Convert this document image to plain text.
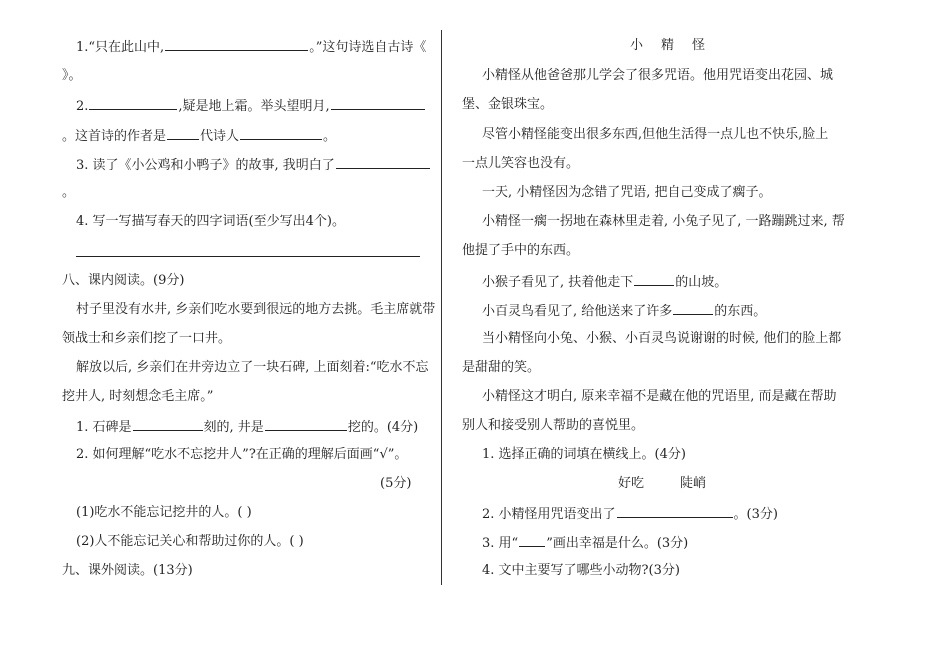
1.“只在此山中,	。”这句诗选自古诗《
》。
2.	,疑是地上霜。举头望明月,
。这首诗的作者是	代诗人	。
3. 读了《小公鸡和小鸭子》的故事, 我明白了
。
4. 写一写描写春天的四字词语(至少写出4个)。
八、课内阅读。(9分)
村子里没有水井, 乡亲们吃水要到很远的地方去挑。毛主席就带
领战士和乡亲们挖了一口井。
解放以后, 乡亲们在井旁边立了一块石碑, 上面刻着:“吃水不忘
挖井人, 时刻想念毛主席。”
1. 石碑是	刻的, 井是	挖的。(4分)
2. 如何理解“吃水不忘挖井人”?在正确的理解后面画“√”。
(5分)
(1)吃水不能忘记挖井的人。( )
(2)人不能忘记关心和帮助过你的人。( )
九、课外阅读。(13分)
小精怪
小精怪从他爸爸那儿学会了很多咒语。他用咒语变出花园、城
堡、金银珠宝。
尽管小精怪能变出很多东西,但他生活得一点儿也不快乐,脸上
一点儿笑容也没有。
一天, 小精怪因为念错了咒语, 把自己变成了瘸子。
小精怪一瘸一拐地在森林里走着, 小兔子见了, 一路蹦跳过来, 帮
他提了手中的东西。
小猴子看见了, 扶着他走下	的山坡。
小百灵鸟看见了, 给他送来了许多	的东西。
当小精怪向小兔、小猴、小百灵鸟说谢谢的时候, 他们的脸上都
是甜甜的笑。
小精怪这才明白, 原来幸福不是藏在他的咒语里, 而是藏在帮助
别人和接受别人帮助的喜悦里。
1. 选择正确的词填在横线上。(4分)
好吃	陡峭
2. 小精怪用咒语变出了	。(3分)
3. 用“ ”画出幸福是什么。(3分)
4. 文中主要写了哪些小动物?(3分)
